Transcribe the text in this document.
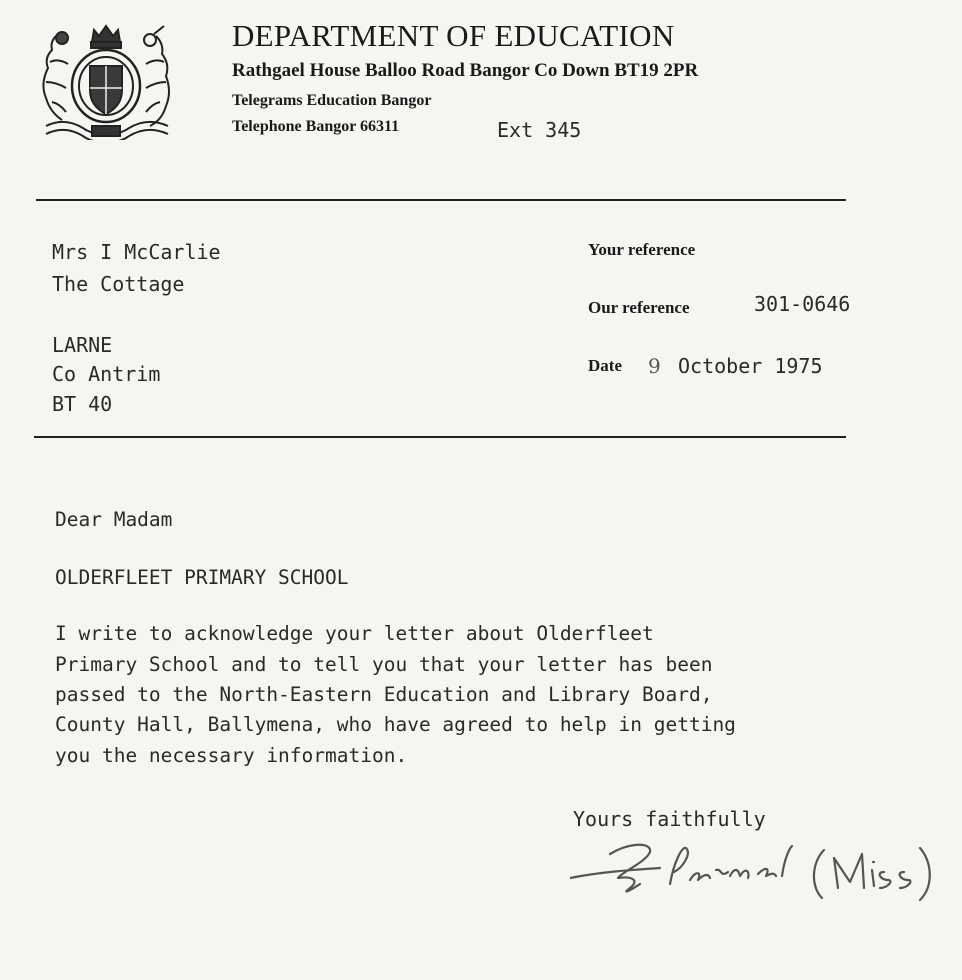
DEPARTMENT OF EDUCATION
Rathgael House Balloo Road Bangor Co Down BT19 2PR
Telegrams Education Bangor
Telephone Bangor 66311	Ext 345
Mrs I McCarlie
The Cottage
LARNE
Co Antrim
BT 40
Your reference
Our reference	301-0646
Date 9 October 1975
Dear Madam
OLDERFLEET PRIMARY SCHOOL
I write to acknowledge your letter about Olderfleet
Primary School and to tell you that your letter has been
passed to the North-Eastern Education and Library Board,
County Hall, Ballymena, who have agreed to help in getting
you the necessary information.
Yours faithfully
